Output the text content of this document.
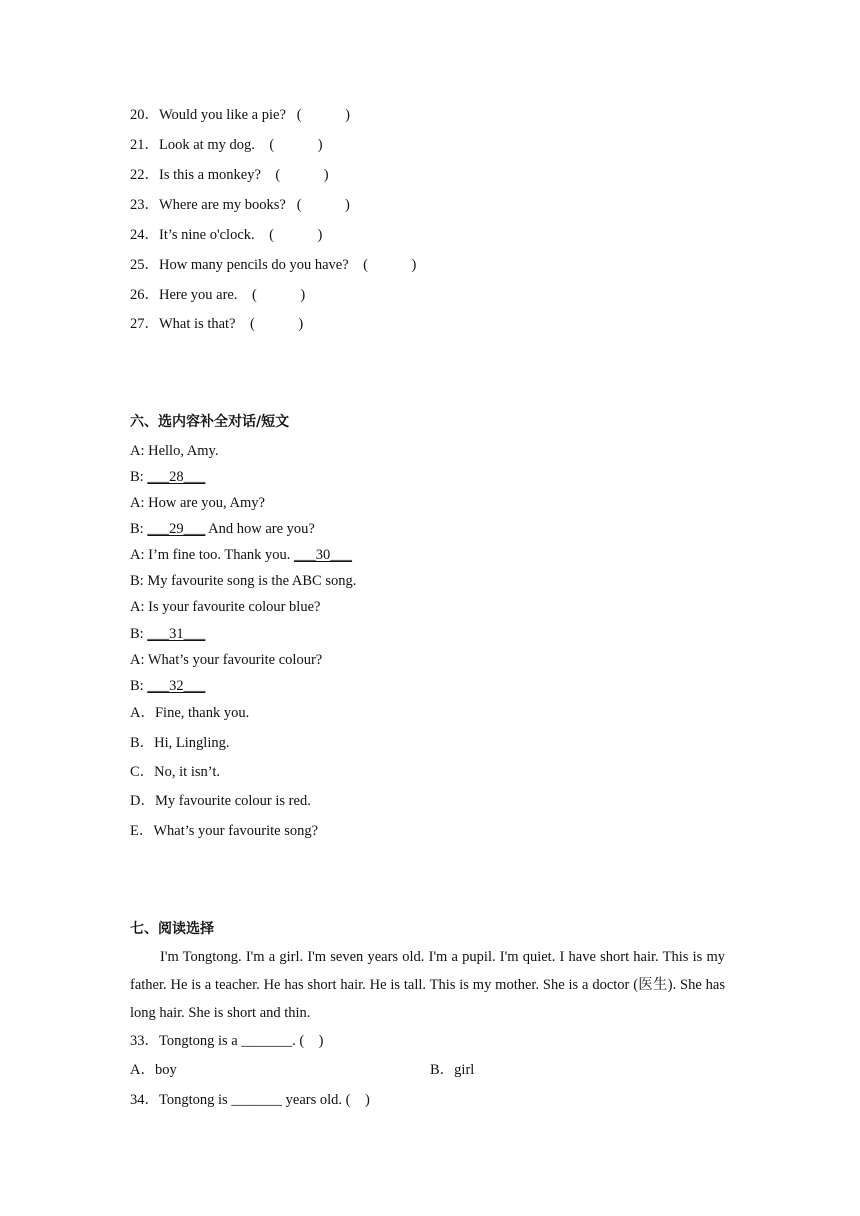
20．Would you like a pie? (            )
21．Look at my dog. (            )
22．Is this a monkey? (            )
23．Where are my books? (            )
24．It’s nine o'clock. (            )
25．How many pencils do you have? (            )
26．Here you are. (            )
27．What is that? (            )
六、选内容补全对话/短文
A: Hello, Amy.
B: ___28___
A: How are you, Amy?
B: ___29___ And how are you?
A: I’m fine too. Thank you. ___30___
B: My favourite song is the ABC song.
A: Is your favourite colour blue?
B: ___31___
A: What’s your favourite colour?
B: ___32___
A．Fine, thank you.
B．Hi, Lingling.
C．No, it isn’t.
D．My favourite colour is red.
E．What’s your favourite song?
七、阅读选择
I'm Tongtong. I'm a girl. I'm seven years old. I'm a pupil. I'm quiet. I have short hair. This is my father. He is a teacher. He has short hair. He is tall. This is my mother. She is a doctor (医生). She has long hair. She is short and thin.
33．Tongtong is a _______. (    )
A．boy	B．girl
34．Tongtong is _______ years old. (    )
